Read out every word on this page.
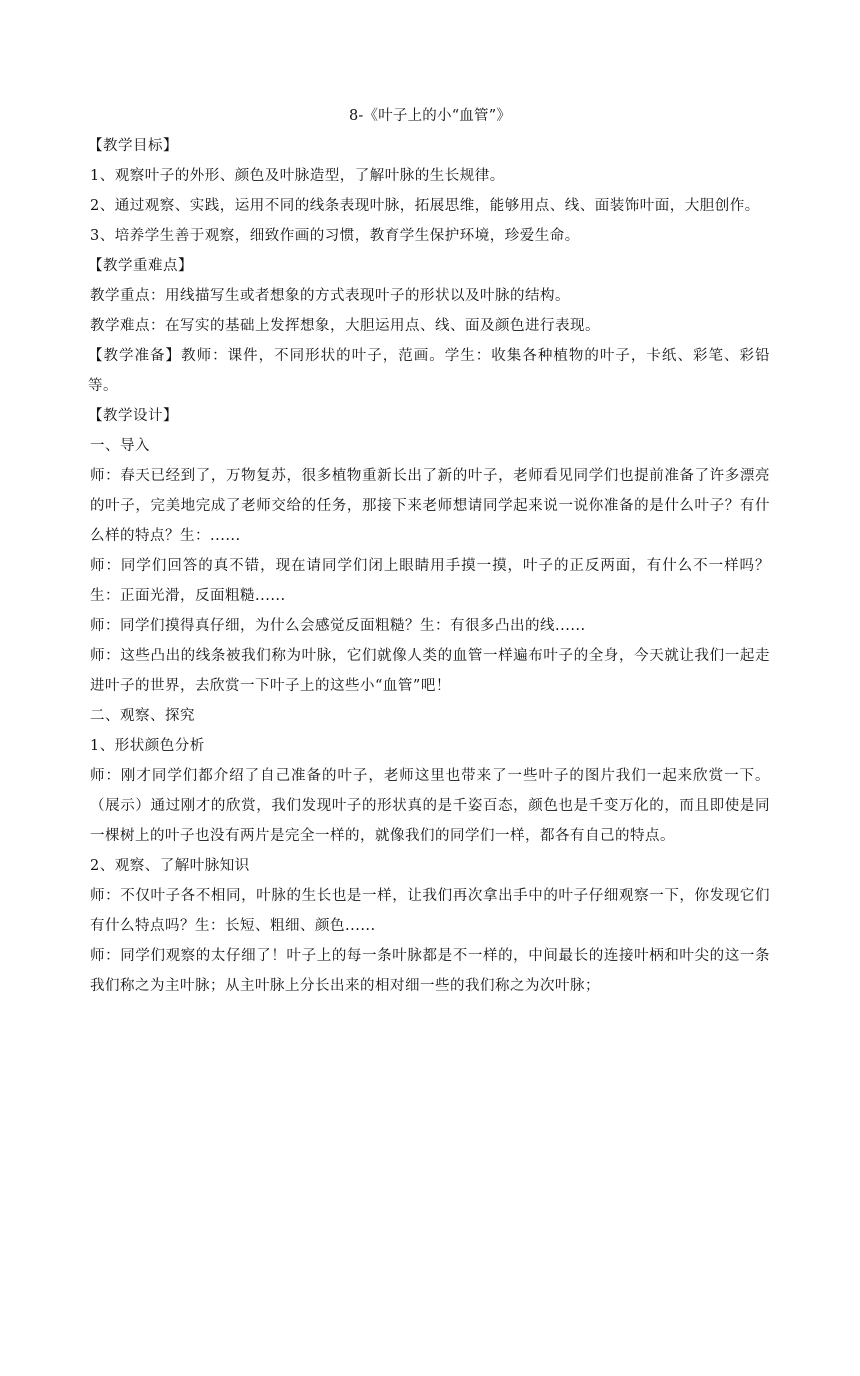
8-《叶子上的小“血管”》

【教学目标】

1、观察叶子的外形、颜色及叶脉造型，了解叶脉的生长规律。

2、通过观察、实践，运用不同的线条表现叶脉，拓展思维，能够用点、线、面装饰叶面，大胆创作。

3、培养学生善于观察，细致作画的习惯，教育学生保护环境，珍爱生命。

【教学重难点】

教学重点：用线描写生或者想象的方式表现叶子的形状以及叶脉的结构。

教学难点：在写实的基础上发挥想象，大胆运用点、线、面及颜色进行表现。

【教学准备】教师：课件，不同形状的叶子，范画。学生：收集各种植物的叶子，卡纸、彩笔、彩铅等。

【教学设计】

一、导入

师：春天已经到了，万物复苏，很多植物重新长出了新的叶子，老师看见同学们也提前准备了许多漂亮的叶子，完美地完成了老师交给的任务，那接下来老师想请同学起来说一说你准备的是什么叶子？有什么样的特点？生：......

师：同学们回答的真不错，现在请同学们闭上眼睛用手摸一摸，叶子的正反两面，有什么不一样吗？生：正面光滑，反面粗糙......

师：同学们摸得真仔细，为什么会感觉反面粗糙？生：有很多凸出的线......

师：这些凸出的线条被我们称为叶脉，它们就像人类的血管一样遍布叶子的全身，今天就让我们一起走进叶子的世界，去欣赏一下叶子上的这些小“血管”吧！

二、观察、探究

1、形状颜色分析

师：刚才同学们都介绍了自己准备的叶子，老师这里也带来了一些叶子的图片我们一起来欣赏一下。（展示）通过刚才的欣赏，我们发现叶子的形状真的是千姿百态，颜色也是千变万化的，而且即使是同一棵树上的叶子也没有两片是完全一样的，就像我们的同学们一样，都各有自己的特点。

2、观察、了解叶脉知识

师：不仅叶子各不相同，叶脉的生长也是一样，让我们再次拿出手中的叶子仔细观察一下，你发现它们有什么特点吗？生：长短、粗细、颜色......

师：同学们观察的太仔细了！叶子上的每一条叶脉都是不一样的，中间最长的连接叶柄和叶尖的这一条我们称之为主叶脉；从主叶脉上分长出来的相对细一些的我们称之为次叶脉；
